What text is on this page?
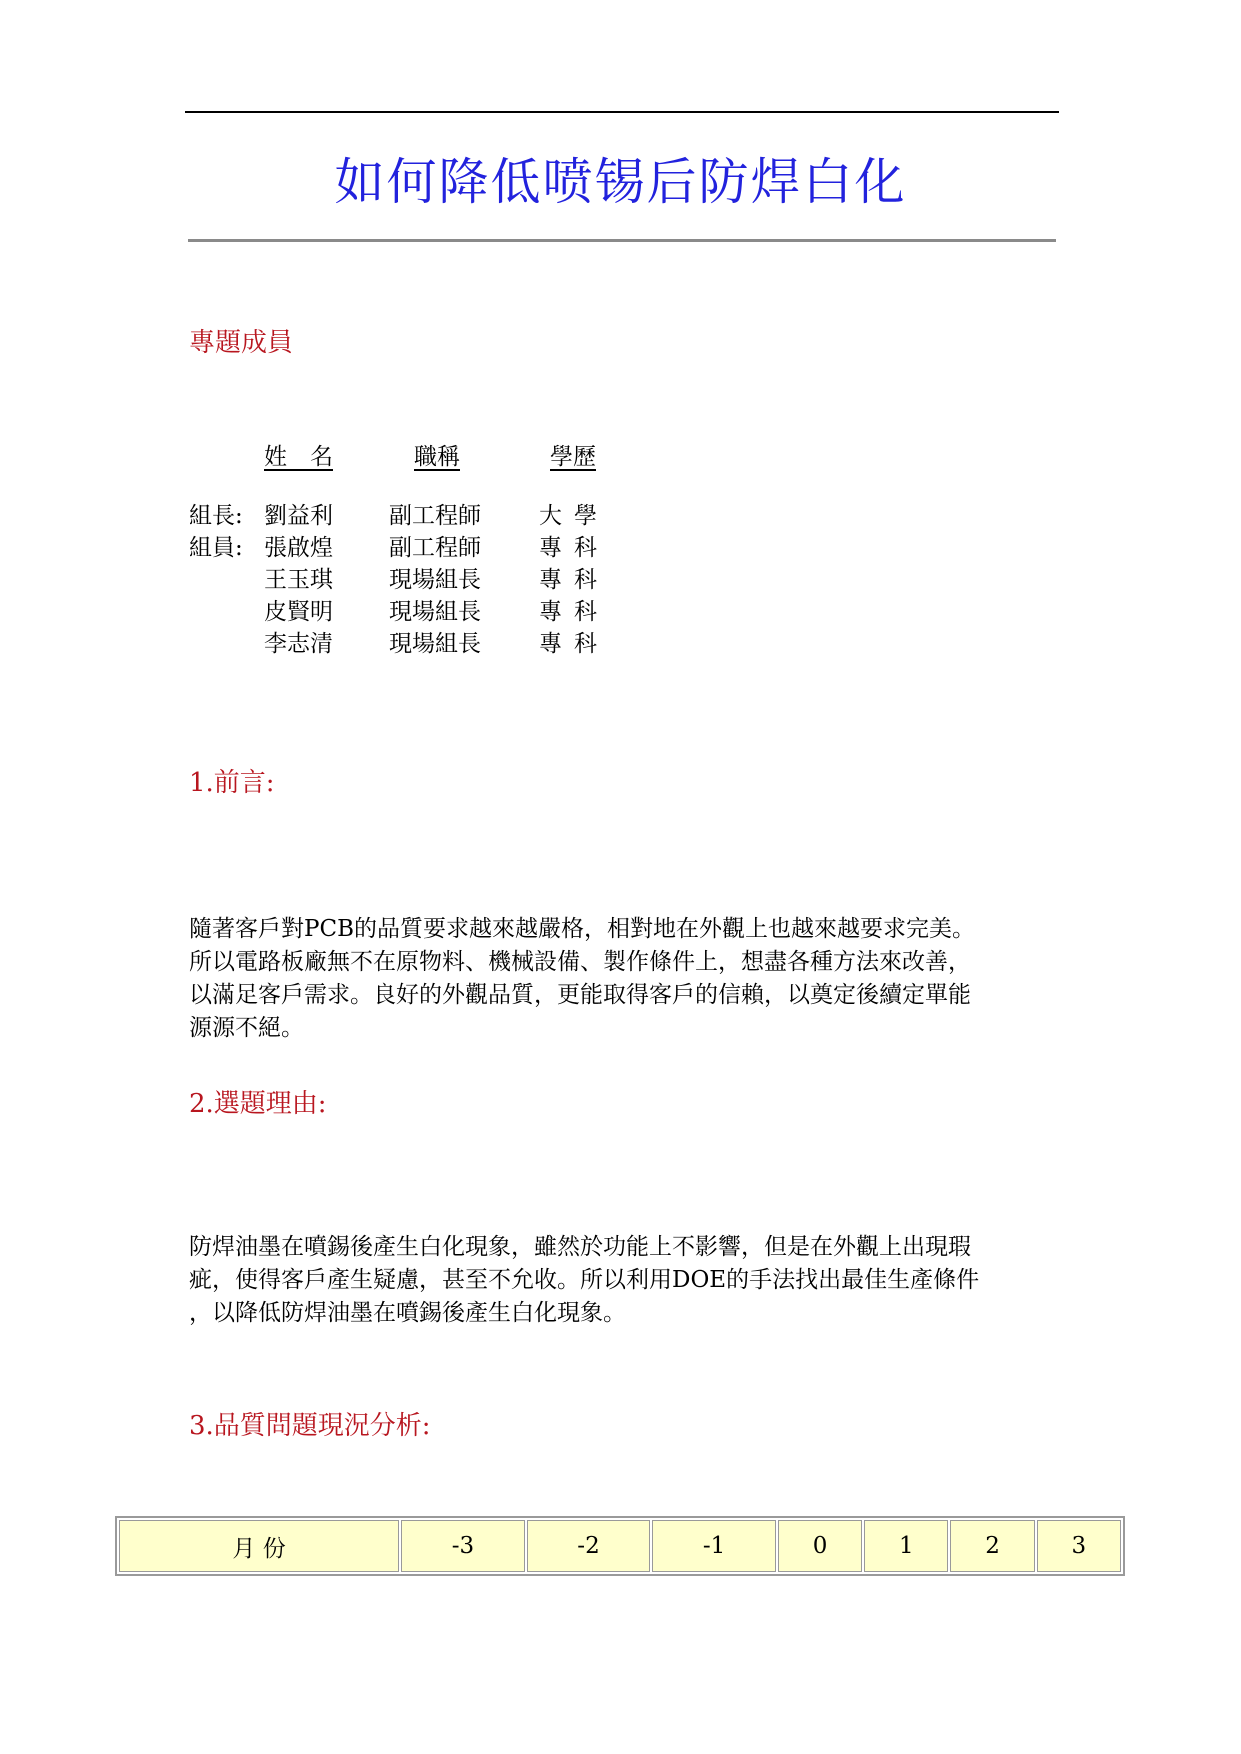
如何降低喷锡后防焊白化
專題成員
姓　名	職稱	學歷
組長: 劉益利 副工程師	大學
組員: 張啟煌 副工程師	專科
王玉琪 現場組長	專科
皮賢明 現場組長	專科
李志清 現場組長	專科
1.前言:

隨著客戶對PCB的品質要求越來越嚴格，相對地在外觀上也越來越要求完美。
所以電路板廠無不在原物料、機械設備、製作條件上，想盡各種方法來改善，
以滿足客戶需求。良好的外觀品質，更能取得客戶的信賴，以奠定後續定單能
源源不絕。

2.選題理由:

防焊油墨在噴錫後產生白化現象，雖然於功能上不影響，但是在外觀上出現瑕
疵，使得客戶產生疑慮，甚至不允收。所以利用DOE的手法找出最佳生產條件
，以降低防焊油墨在噴錫後產生白化現象。

3.品質問題現況分析:
月 份	-3	-2	-1	0	1	2	3
